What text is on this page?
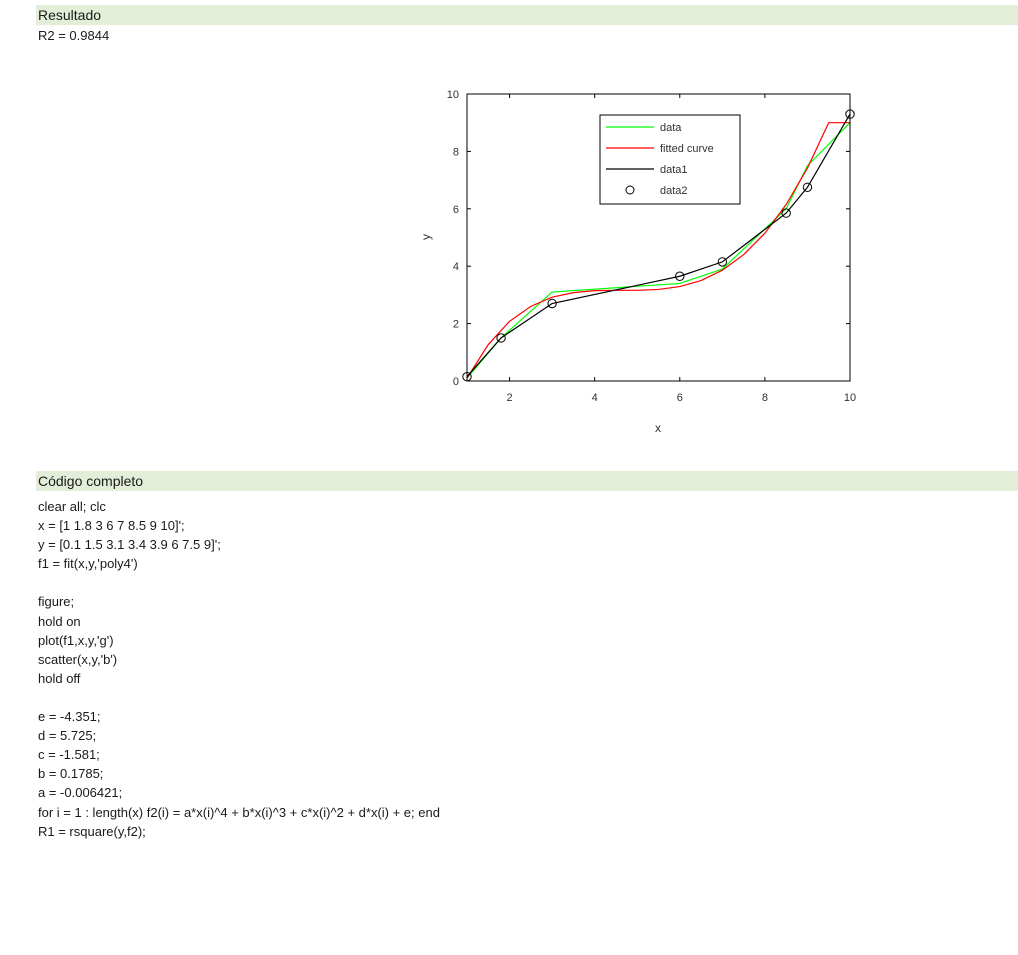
Resultado
R2 = 0.9844
2	4	6	8	10
0
2
4
6
8
10
x
y
data
fitted curve
data1
data2
Código completo
clear all; clc
x = [1 1.8 3 6 7 8.5 9 10]';
y = [0.1 1.5 3.1 3.4 3.9 6 7.5 9]';
f1 = fit(x,y,'poly4')
figure;
hold on
plot(f1,x,y,'g')
scatter(x,y,'b')
hold off
e = -4.351;
d = 5.725;
c = -1.581;
b = 0.1785;
a = -0.006421;
for i = 1 : length(x) f2(i) = a*x(i)^4 + b*x(i)^3 + c*x(i)^2 + d*x(i) + e; end
R1 = rsquare(y,f2);
